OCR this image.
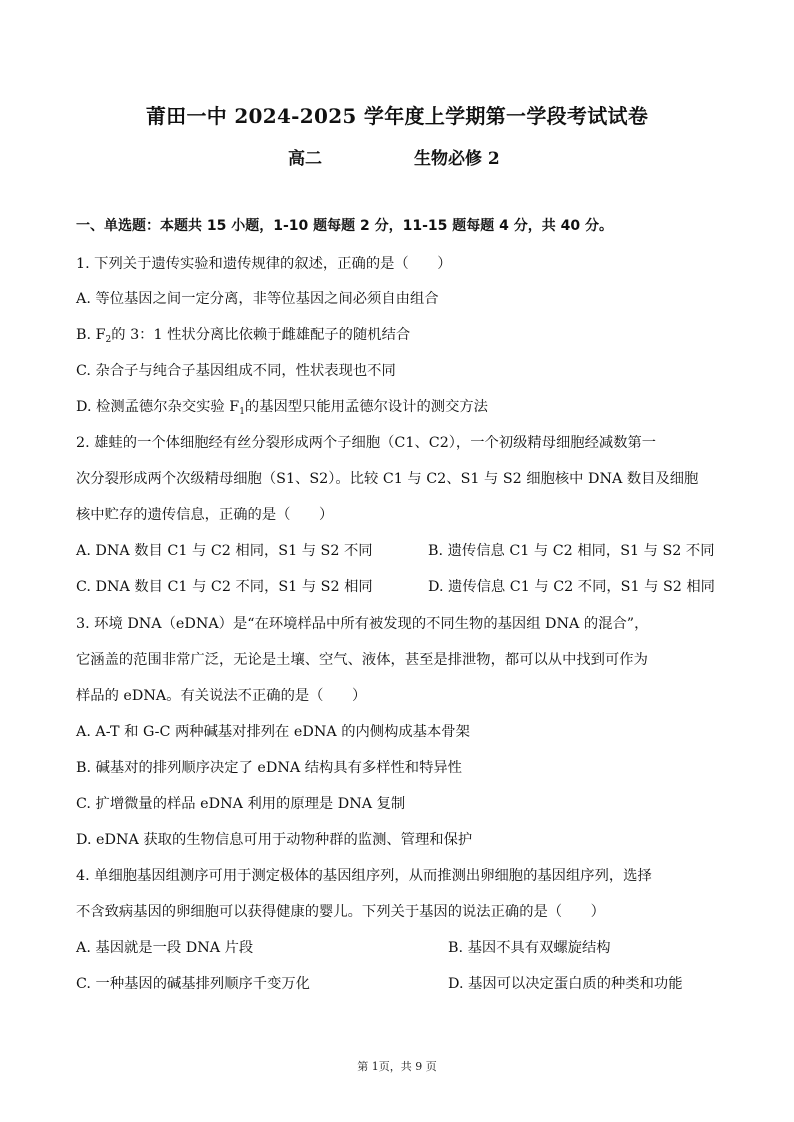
莆田一中 2024-2025 学年度上学期第一学段考试试卷
高二	生物必修 2
一、单选题：本题共 15 小题，1-10 题每题 2 分，11-15 题每题 4 分，共 40 分。
1. 下列关于遗传实验和遗传规律的叙述，正确的是（　　）
A. 等位基因之间一定分离，非等位基因之间必须自由组合
B. $F_2$的 3：1 性状分离比依赖于雌雄配子的随机结合
C. 杂合子与纯合子基因组成不同，性状表现也不同
D. 检测孟德尔杂交实验 $F_1$的基因型只能用孟德尔设计的测交方法
2. 雄蛙的一个体细胞经有丝分裂形成两个子细胞（C1、C2），一个初级精母细胞经减数第一
次分裂形成两个次级精母细胞（S1、S2）。比较 C1 与 C2、S1 与 S2 细胞核中 DNA 数目及细胞
核中贮存的遗传信息，正确的是（　　）
A. DNA 数目 C1 与 C2 相同，S1 与 S2 不同	B. 遗传信息 C1 与 C2 相同，S1 与 S2 不同
C. DNA 数目 C1 与 C2 不同，S1 与 S2 相同	D. 遗传信息 C1 与 C2 不同，S1 与 S2 相同
3. 环境 DNA（eDNA）是“在环境样品中所有被发现的不同生物的基因组 DNA 的混合”，
它涵盖的范围非常广泛，无论是土壤、空气、液体，甚至是排泄物，都可以从中找到可作为
样品的 eDNA。有关说法不正确的是（　　）
A. A-T 和 G-C 两种碱基对排列在 eDNA 的内侧构成基本骨架
B. 碱基对的排列顺序决定了 eDNA 结构具有多样性和特异性
C. 扩增微量的样品 eDNA 利用的原理是 DNA 复制
D. eDNA 获取的生物信息可用于动物种群的监测、管理和保护
4. 单细胞基因组测序可用于测定极体的基因组序列，从而推测出卵细胞的基因组序列，选择
不含致病基因的卵细胞可以获得健康的婴儿。下列关于基因的说法正确的是（　　）
A. 基因就是一段 DNA 片段	B. 基因不具有双螺旋结构
C. 一种基因的碱基排列顺序千变万化	D. 基因可以决定蛋白质的种类和功能
第 1页，共 9 页
